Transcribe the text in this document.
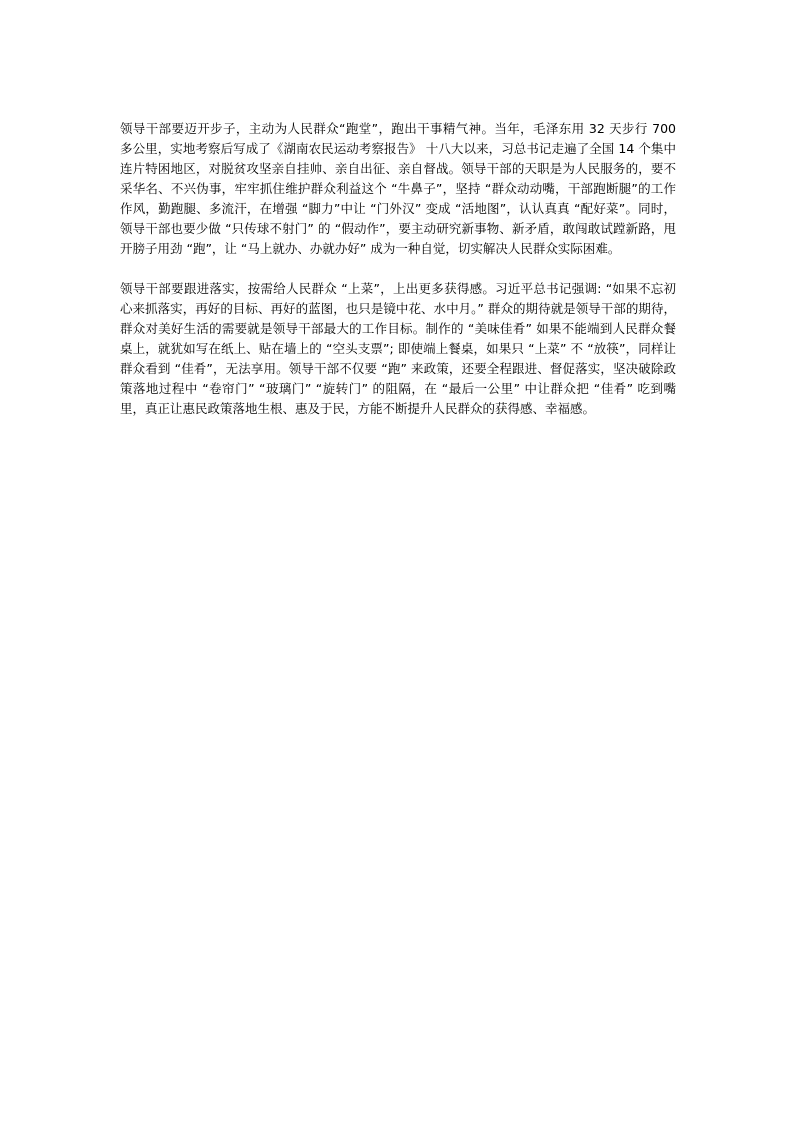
领导干部要迈开步子，主动为人民群众“跑堂”，跑出干事精气神。当年，毛泽东用 32 天步行 700 多公里，实地考察后写成了《湖南农民运动考察报告》 十八大以来，习总书记走遍了全国 14 个集中连片特困地区，对脱贫攻坚亲自挂帅、亲自出征、亲自督战。领导干部的天职是为人民服务的，要不采华名、不兴伪事，牢牢抓住维护群众利益这个 “牛鼻子”，坚持 “群众动动嘴，干部跑断腿”的工作作风，勤跑腿、多流汗，在增强 “脚力”中让 “门外汉” 变成 “活地图”，认认真真 “配好菜”。同时，领导干部也要少做 “只传球不射门” 的 “假动作”，要主动研究新事物、新矛盾，敢闯敢试蹚新路，甩开膀子用劲 “跑”，让 “马上就办、办就办好” 成为一种自觉，切实解决人民群众实际困难。

领导干部要跟进落实，按需给人民群众 “上菜”，上出更多获得感。习近平总书记强调: “如果不忘初心来抓落实，再好的目标、再好的蓝图，也只是镜中花、水中月。” 群众的期待就是领导干部的期待，群众对美好生活的需要就是领导干部最大的工作目标。制作的 “美味佳肴” 如果不能端到人民群众餐桌上，就犹如写在纸上、贴在墙上的 “空头支票”; 即使端上餐桌，如果只 “上菜” 不 “放筷”，同样让群众看到 “佳肴”，无法享用。领导干部不仅要 “跑” 来政策，还要全程跟进、督促落实，坚决破除政策落地过程中 “卷帘门” “玻璃门” “旋转门” 的阻隔，在 “最后一公里” 中让群众把 “佳肴” 吃到嘴里，真正让惠民政策落地生根、惠及于民，方能不断提升人民群众的获得感、幸福感。
